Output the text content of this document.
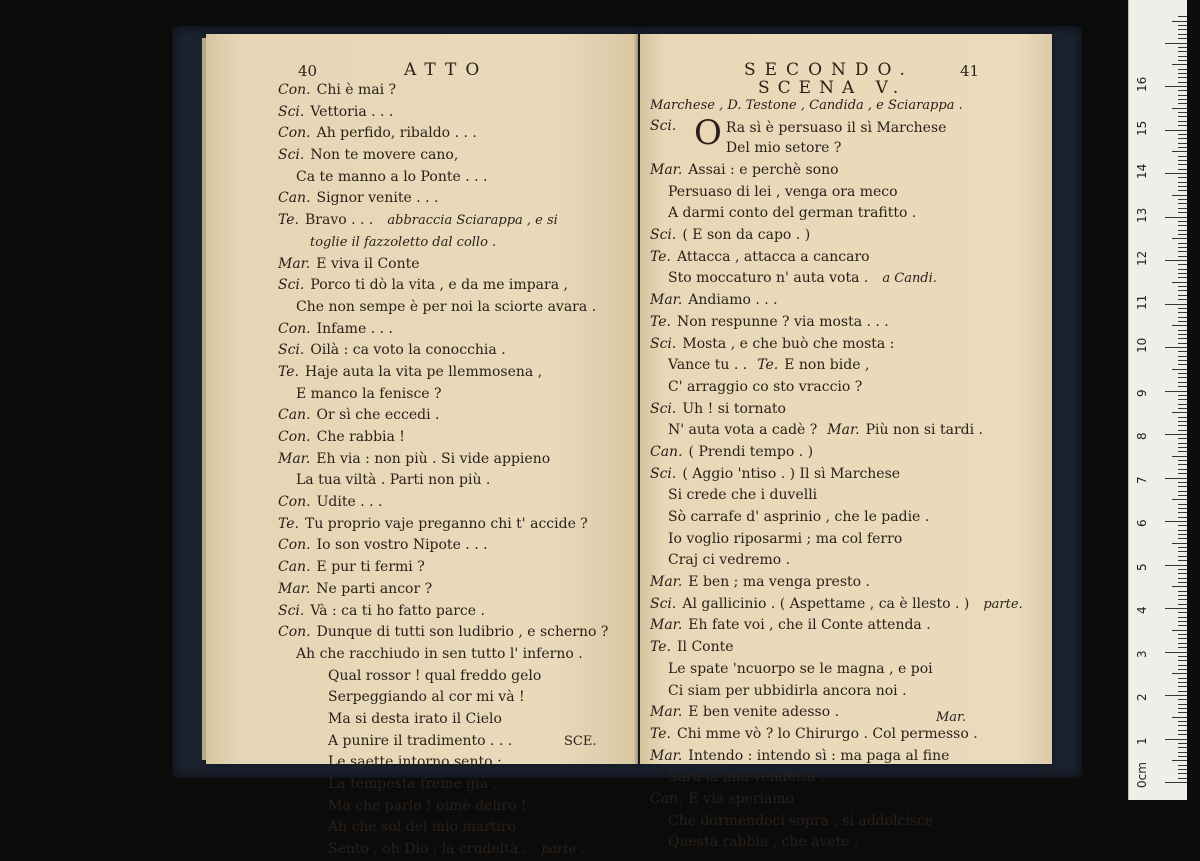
40	ATTO
Con. Chi è mai ?
Sci. Vettoria . . .
Con. Ah perfido, ribaldo . . .
Sci. Non te movere cano,
Ca te manno a lo Ponte . . .
Can. Signor venite . . .
Te. Bravo . . . abbraccia Sciarappa , e si
toglie il fazzoletto dal collo .
Mar. E viva il Conte
Sci. Porco ti dò la vita , e da me impara ,
Che non sempe è per noi la sciorte avara .
Con. Infame . . .
Sci. Oilà : ca voto la conocchia .
Te. Haje auta la vita pe llemmosena ,
E manco la fenisce ?
Can. Or sì che eccedi .
Con. Che rabbia !
Mar. Eh via : non più . Si vide appieno
La tua viltà . Parti non più .
Con. Udite . . .
Te. Tu proprio vaje preganno chi t' accide ?
Con. Io son vostro Nipote . . .
Can. E pur ti fermi ?
Mar. Ne parti ancor ?
Sci. Và : ca ti ho fatto parce .
Con. Dunque di tutti son ludibrio , e scherno ?
Ah che racchiudo in sen tutto l' inferno .
Qual rossor ! qual freddo gelo
Serpeggiando al cor mi và !
Ma si desta irato il Cielo
A punire il tradimento . . .
Le saette intorno sento :
La tempesta freme già .
Ma che parlo ! oimè deliro !
Ah che sol del mio martiro
Sento , oh Dio , la crudeltà . parte .
SCE.
SECONDO.	41
SCENA V.
Marchese , D. Testone , Candida , e Sciarappa .
Sci. O Ra sì è persuaso il sì Marchese
Del mio setore ?
Mar. Assai : e perchè sono
Persuaso di lei , venga ora meco
A darmi conto del german trafitto .
Sci. ( E son da capo . )
Te. Attacca , attacca a cancaro
Sto moccaturo n' auta vota . a Candi.
Mar. Andiamo . . .
Te. Non respunne ? via mosta . . .
Sci. Mosta , e che buò che mosta :
Vance tu . . Te. E non bide ,
C' arraggio co sto vraccio ?
Sci. Uh ! si tornato
N' auta vota a cadè ? Mar. Più non si tardi .
Can. ( Prendi tempo . )
Sci. ( Aggio 'ntiso . ) Il sì Marchese
Si crede che i duvelli
Sò carrafe d' asprinio , che le padie .
Io voglio riposarmi ; ma col ferro
Craj ci vedremo .
Mar. E ben ; ma venga presto .
Sci. Al gallicinio . ( Aspettame , ca è llesto . ) parte.
Mar. Eh fate voi , che il Conte attenda .
Te. Il Conte
Le spate 'ncuorpo se le magna , e poi
Ci siam per ubbidirla ancora noi .
Mar. E ben venite adesso .
Te. Chi mme vò ? lo Chirurgo . Col permesso .
Mar. Intendo : intendo sì : ma paga al fine
Sarà la mia vendetta .
Can. E via speriamo
Che dormendoci sopra , si addolcisce
Questa rabbia , che avete .
Mar.
0cm
1
2
3
4
5
6
7
8
9
10
11
12
13
14
15
16
